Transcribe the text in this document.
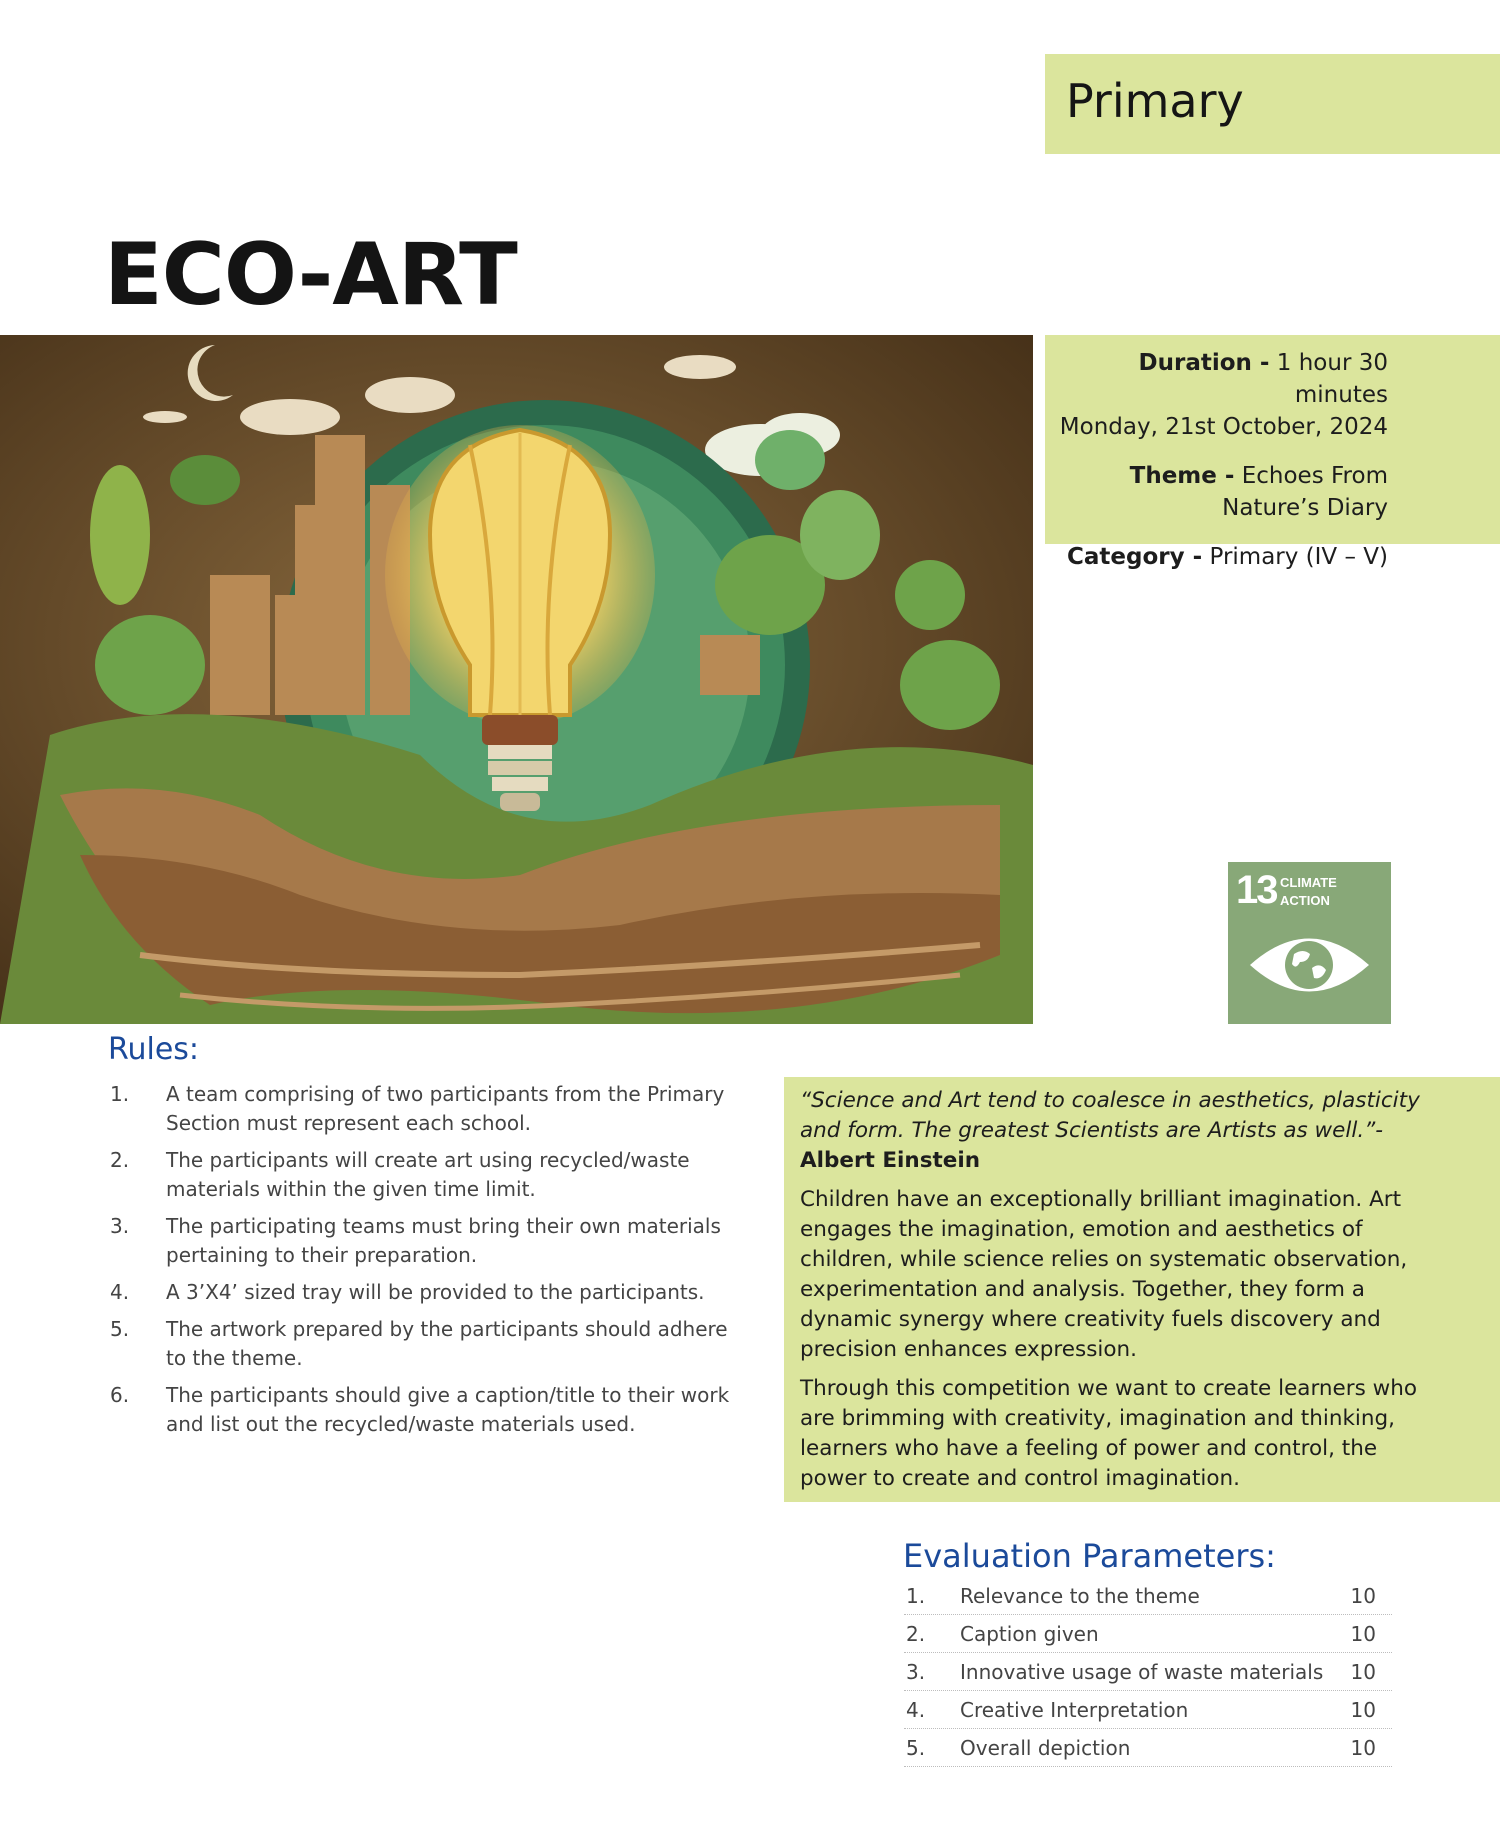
Primary
ECO-ART

Duration - 1 hour 30 minutes
Monday, 21st October, 2024

Theme - Echoes From
Nature’s Diary

Category - Primary (IV – V)

13 CLIMATE
ACTION
Rules:
1. A team comprising of two participants from the Primary Section must represent each school.
2. The participants will create art using recycled/waste materials within the given time limit.
3. The participating teams must bring their own materials pertaining to their preparation.
4. A 3’X4’ sized tray will be provided to the participants.
5. The artwork prepared by the participants should adhere to the theme.
6. The participants should give a caption/title to their work and list out the recycled/waste materials used.

“Science and Art tend to coalesce in aesthetics, plasticity and form. The greatest Scientists are Artists as well.”-
Albert Einstein

Children have an exceptionally brilliant imagination. Art engages the imagination, emotion and aesthetics of children, while science relies on systematic observation, experimentation and analysis. Together, they form a dynamic synergy where creativity fuels discovery and precision enhances expression.

Through this competition we want to create learners who are brimming with creativity, imagination and thinking, learners who have a feeling of power and control, the power to create and control imagination.

Evaluation Parameters:
1. Relevance to the theme	10
2. Caption given	10
3. Innovative usage of waste materials 10
4. Creative Interpretation	10
5. Overall depiction	10
